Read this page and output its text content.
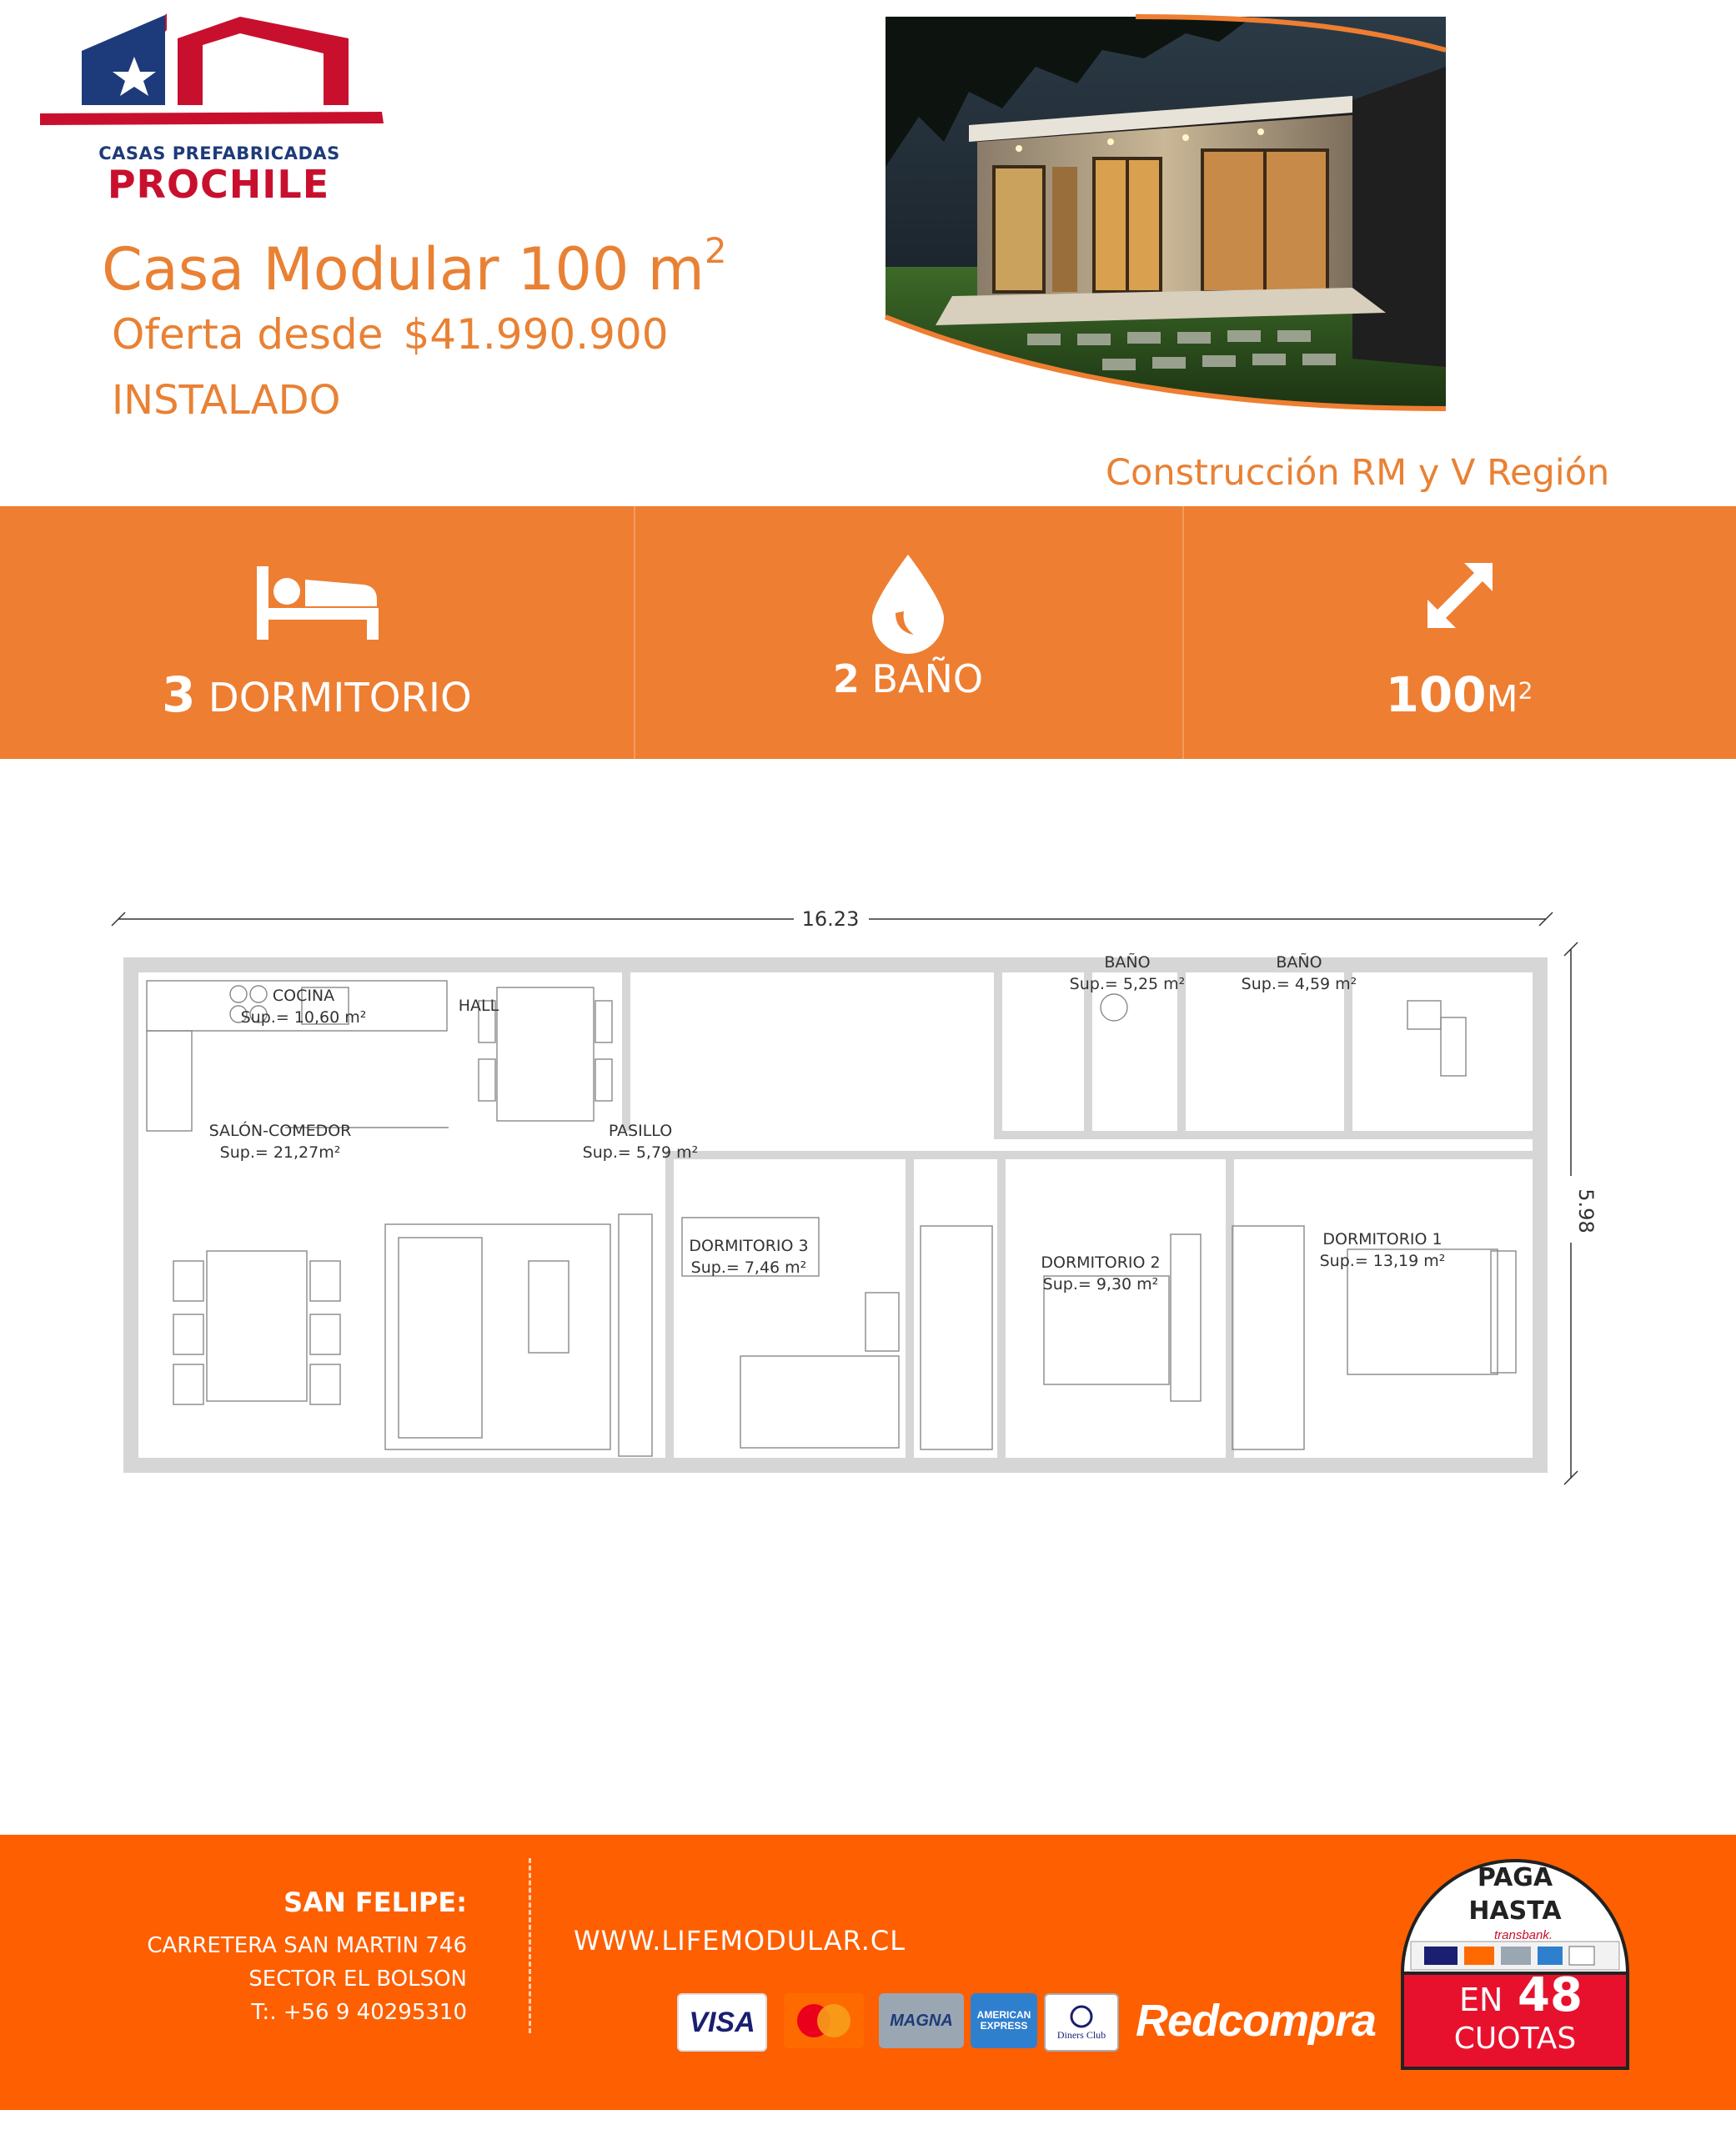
CASAS PREFABRICADAS
PROCHILE
Casa Modular 100 $m^2$
Oferta desde $41.990.900
INSTALADO
Construcción RM y V Región
3 DORMITORIO	2 BAÑO	$100M^2$
16.23
5.98
COCINA
Sup.= 10,60 m²
SALÓN-COMEDOR
Sup.= 21,27m²
HALL
PASILLO
Sup.= 5,79 m²
BAÑO
Sup.= 5,25 m²
BAÑO
Sup.= 4,59 m²
DORMITORIO 3
Sup.= 7,46 m²	DORMITORIO 2
Sup.= 9,30 m²
DORMITORIO 1
Sup.= 13,19 m²
SAN FELIPE:
CARRETERA SAN MARTIN 746
SECTOR EL BOLSON
T:. +56 9 40295310
WWW.LIFEMODULAR.CL
VISA	MAGNA	AMERICAN EXPRESS
Diners Club Redcompra
PAGA
HASTA
transbank.
EN 48
CUOTAS
